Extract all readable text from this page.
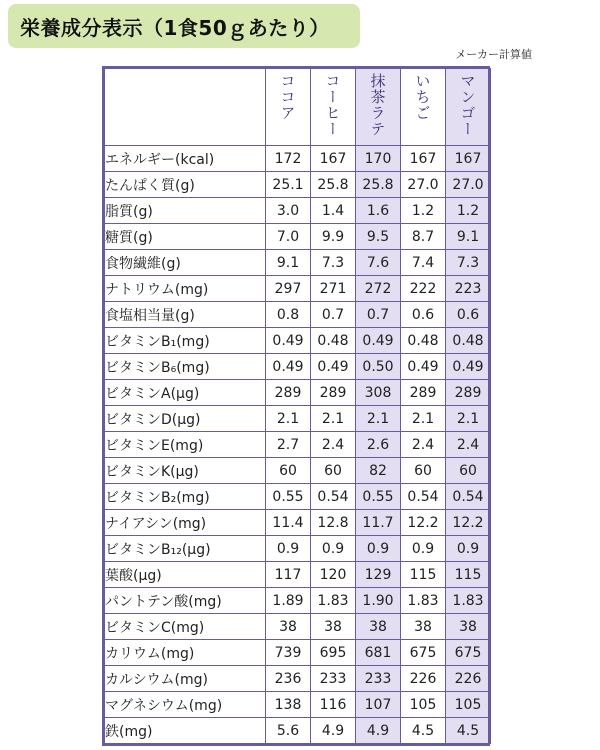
栄養成分表示（1食50ｇあたり）
メーカー計算値
	ココア	コーヒー	抹茶ラテ	いちご	マンゴー
エネルギー(kcal)	172	167	170	167	167
たんぱく質(g)	25.1	25.8	25.8	27.0	27.0
脂質(g)	3.0	1.4	1.6	1.2	1.2
糖質(g)	7.0	9.9	9.5	8.7	9.1
食物繊維(g)	9.1	7.3	7.6	7.4	7.3
ナトリウム(mg)	297	271	272	222	223
食塩相当量(g)	0.8	0.7	0.7	0.6	0.6
ビタミンB₁(mg)	0.49	0.48	0.49	0.48	0.48
ビタミンB₆(mg)	0.49	0.49	0.50	0.49	0.49
ビタミンA(μg)	289	289	308	289	289
ビタミンD(μg)	2.1	2.1	2.1	2.1	2.1
ビタミンE(mg)	2.7	2.4	2.6	2.4	2.4
ビタミンK(μg)	60	60	82	60	60
ビタミンB₂(mg)	0.55	0.54	0.55	0.54	0.54
ナイアシン(mg)	11.4	12.8	11.7	12.2	12.2
ビタミンB₁₂(μg)	0.9	0.9	0.9	0.9	0.9
葉酸(μg)	117	120	129	115	115
パントテン酸(mg)	1.89	1.83	1.90	1.83	1.83
ビタミンC(mg)	38	38	38	38	38
カリウム(mg)	739	695	681	675	675
カルシウム(mg)	236	233	233	226	226
マグネシウム(mg)	138	116	107	105	105
鉄(mg)	5.6	4.9	4.9	4.5	4.5
